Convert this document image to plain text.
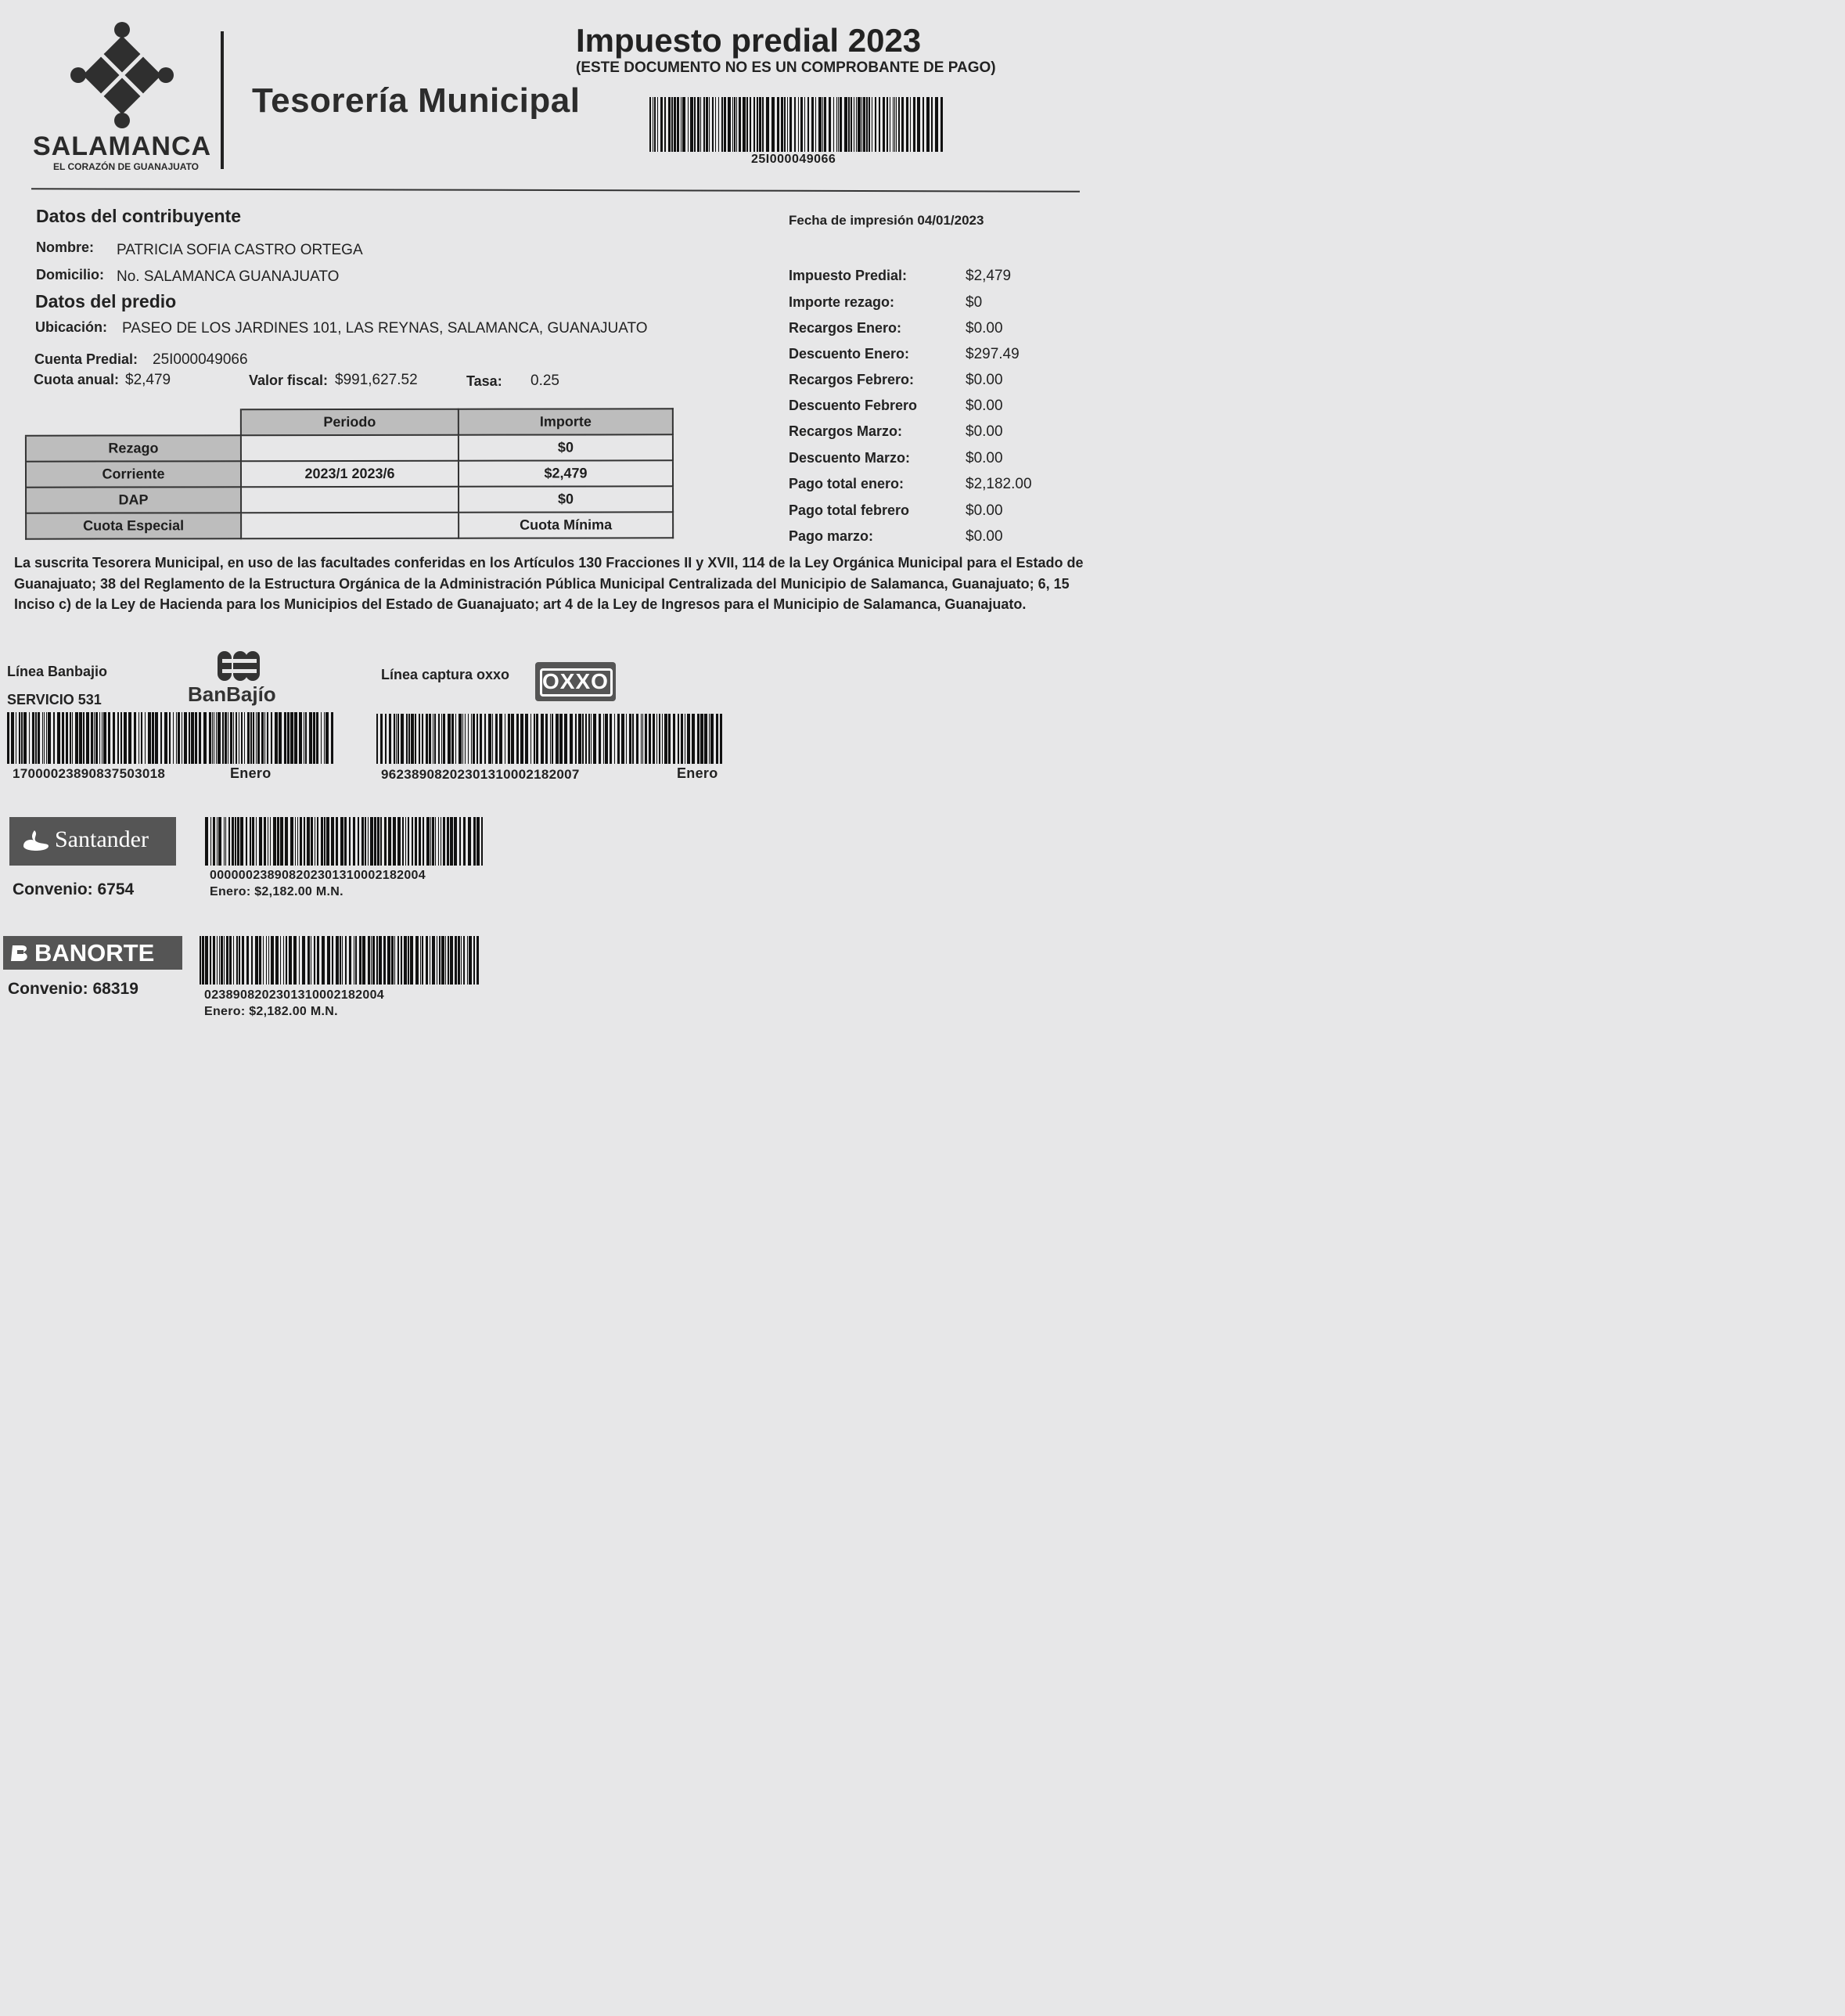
SALAMANCA
EL CORAZÓN DE GUANAJUATO
Tesorería Municipal
Impuesto predial 2023
(ESTE DOCUMENTO NO ES UN COMPROBANTE DE PAGO)
25I000049066
Datos del contribuyente
Nombre: PATRICIA SOFIA CASTRO ORTEGA
Domicilio: No. SALAMANCA GUANAJUATO
Datos del predio
Ubicación: PASEO DE LOS JARDINES 101, LAS REYNAS, SALAMANCA, GUANAJUATO
Cuenta Predial: 25I000049066
Cuota anual: $2,479	Valor fiscal: $991,627.52	Tasa: 0.25
Fecha de impresión 04/01/2023
Impuesto Predial:	$2,479
Importe rezago:	$0
Recargos Enero:	$0.00
Descuento Enero:	$297.49
Recargos Febrero:	$0.00
Descuento Febrero	$0.00
Recargos Marzo:	$0.00
Descuento Marzo:	$0.00
Pago total enero:	$2,182.00
Pago total febrero	$0.00
Pago marzo:	$0.00
	Periodo	Importe
Rezago		$0
Corriente	2023/1 2023/6	$2,479
DAP		$0
Cuota Especial		Cuota Mínima
La suscrita Tesorera Municipal, en uso de las facultades conferidas en los Artículos 130 Fracciones II y XVII, 114 de la Ley Orgánica Municipal para el Estado de Guanajuato; 38 del Reglamento de la Estructura Orgánica de la Administración Pública Municipal Centralizada del Municipio de Salamanca, Guanajuato; 6, 15 Inciso c) de la Ley de Hacienda para los Municipios del Estado de Guanajuato; art 4 de la Ley de Ingresos para el Municipio de Salamanca, Guanajuato.
Línea Banbajio
SERVICIO 531	BanBajío
17000023890837503018	Enero
Línea captura oxxo	OXXO
9623890820230131000218200​7	Enero
Santander
Convenio: 6754
000000238908202301310002182004
Enero: $2,182.00 M.N.
BANORTE
Convenio: 68319	0238908202301310002182004
Enero: $2,182.00 M.N.
